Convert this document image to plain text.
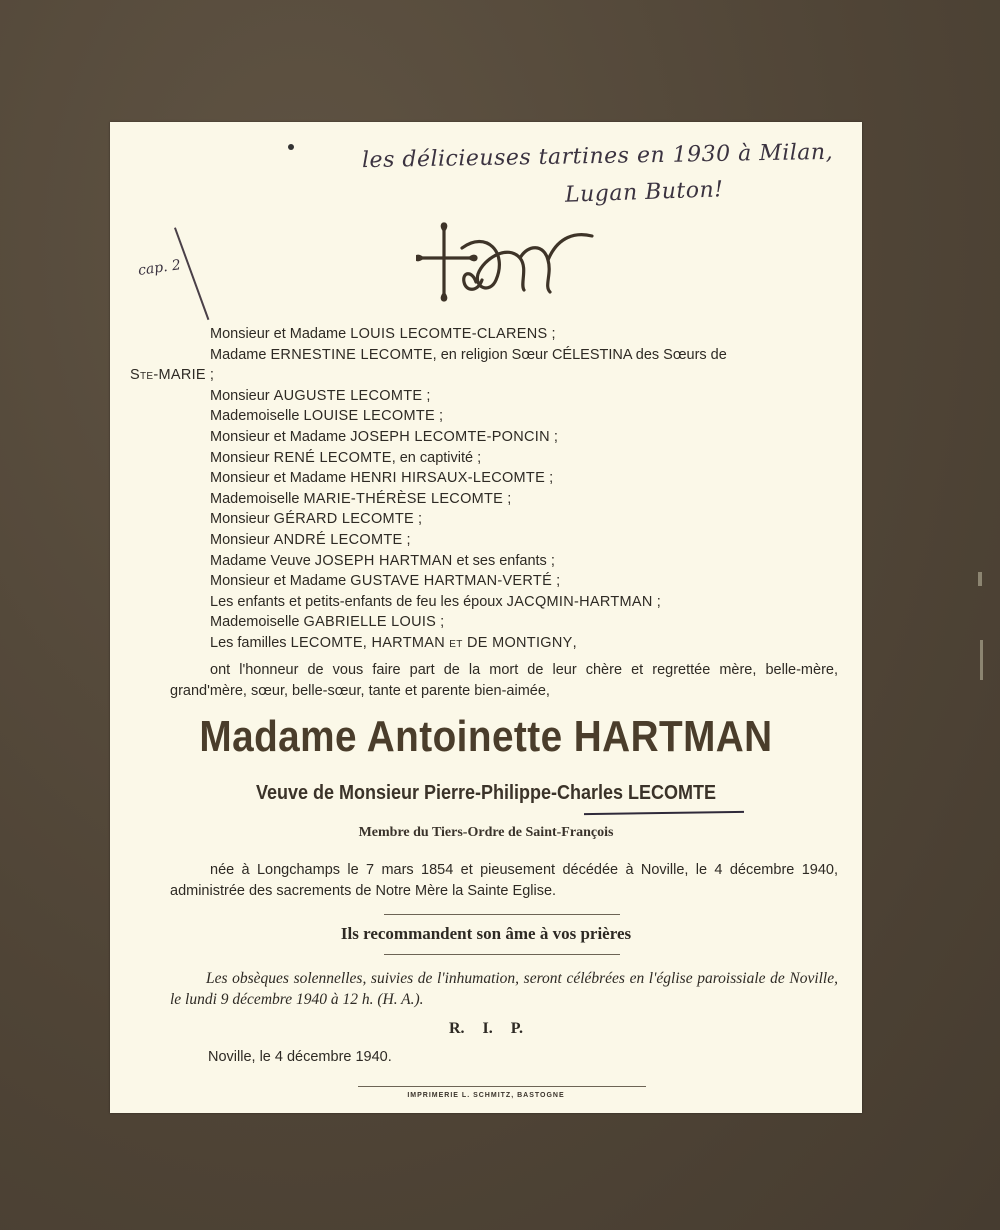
les délicieuses tartines en 1930 à Milan,
Lugan Buton!
cap. 2
Monsieur et Madame LOUIS LECOMTE-CLARENS ;
Madame ERNESTINE LECOMTE, en religion Sœur CÉLESTINA des Sœurs de
Ste-MARIE ;
Monsieur AUGUSTE LECOMTE ;
Mademoiselle LOUISE LECOMTE ;
Monsieur et Madame JOSEPH LECOMTE-PONCIN ;
Monsieur RENÉ LECOMTE, en captivité ;
Monsieur et Madame HENRI HIRSAUX-LECOMTE ;
Mademoiselle MARIE-THÉRÈSE LECOMTE ;
Monsieur GÉRARD LECOMTE ;
Monsieur ANDRÉ LECOMTE ;
Madame Veuve JOSEPH HARTMAN et ses enfants ;
Monsieur et Madame GUSTAVE HARTMAN-VERTÉ ;
Les enfants et petits-enfants de feu les époux JACQMIN-HARTMAN ;
Mademoiselle GABRIELLE LOUIS ;
Les familles LECOMTE, HARTMAN et DE MONTIGNY,
ont l'honneur de vous faire part de la mort de leur chère et regrettée mère, belle-mère, grand'mère, sœur, belle-sœur, tante et parente bien-aimée,
Madame Antoinette HARTMAN
Veuve de Monsieur Pierre-Philippe-Charles LECOMTE
Membre du Tiers-Ordre de Saint-François
née à Longchamps le 7 mars 1854 et pieusement décédée à Noville, le 4 décembre 1940, administrée des sacrements de Notre Mère la Sainte Eglise.
Ils recommandent son âme à vos prières
Les obsèques solennelles, suivies de l'inhumation, seront célébrées en l'église paroissiale de Noville, le lundi 9 décembre 1940 à 12 h. (H. A.).
R. I. P.
Noville, le 4 décembre 1940.
IMPRIMERIE L. SCHMITZ, BASTOGNE
